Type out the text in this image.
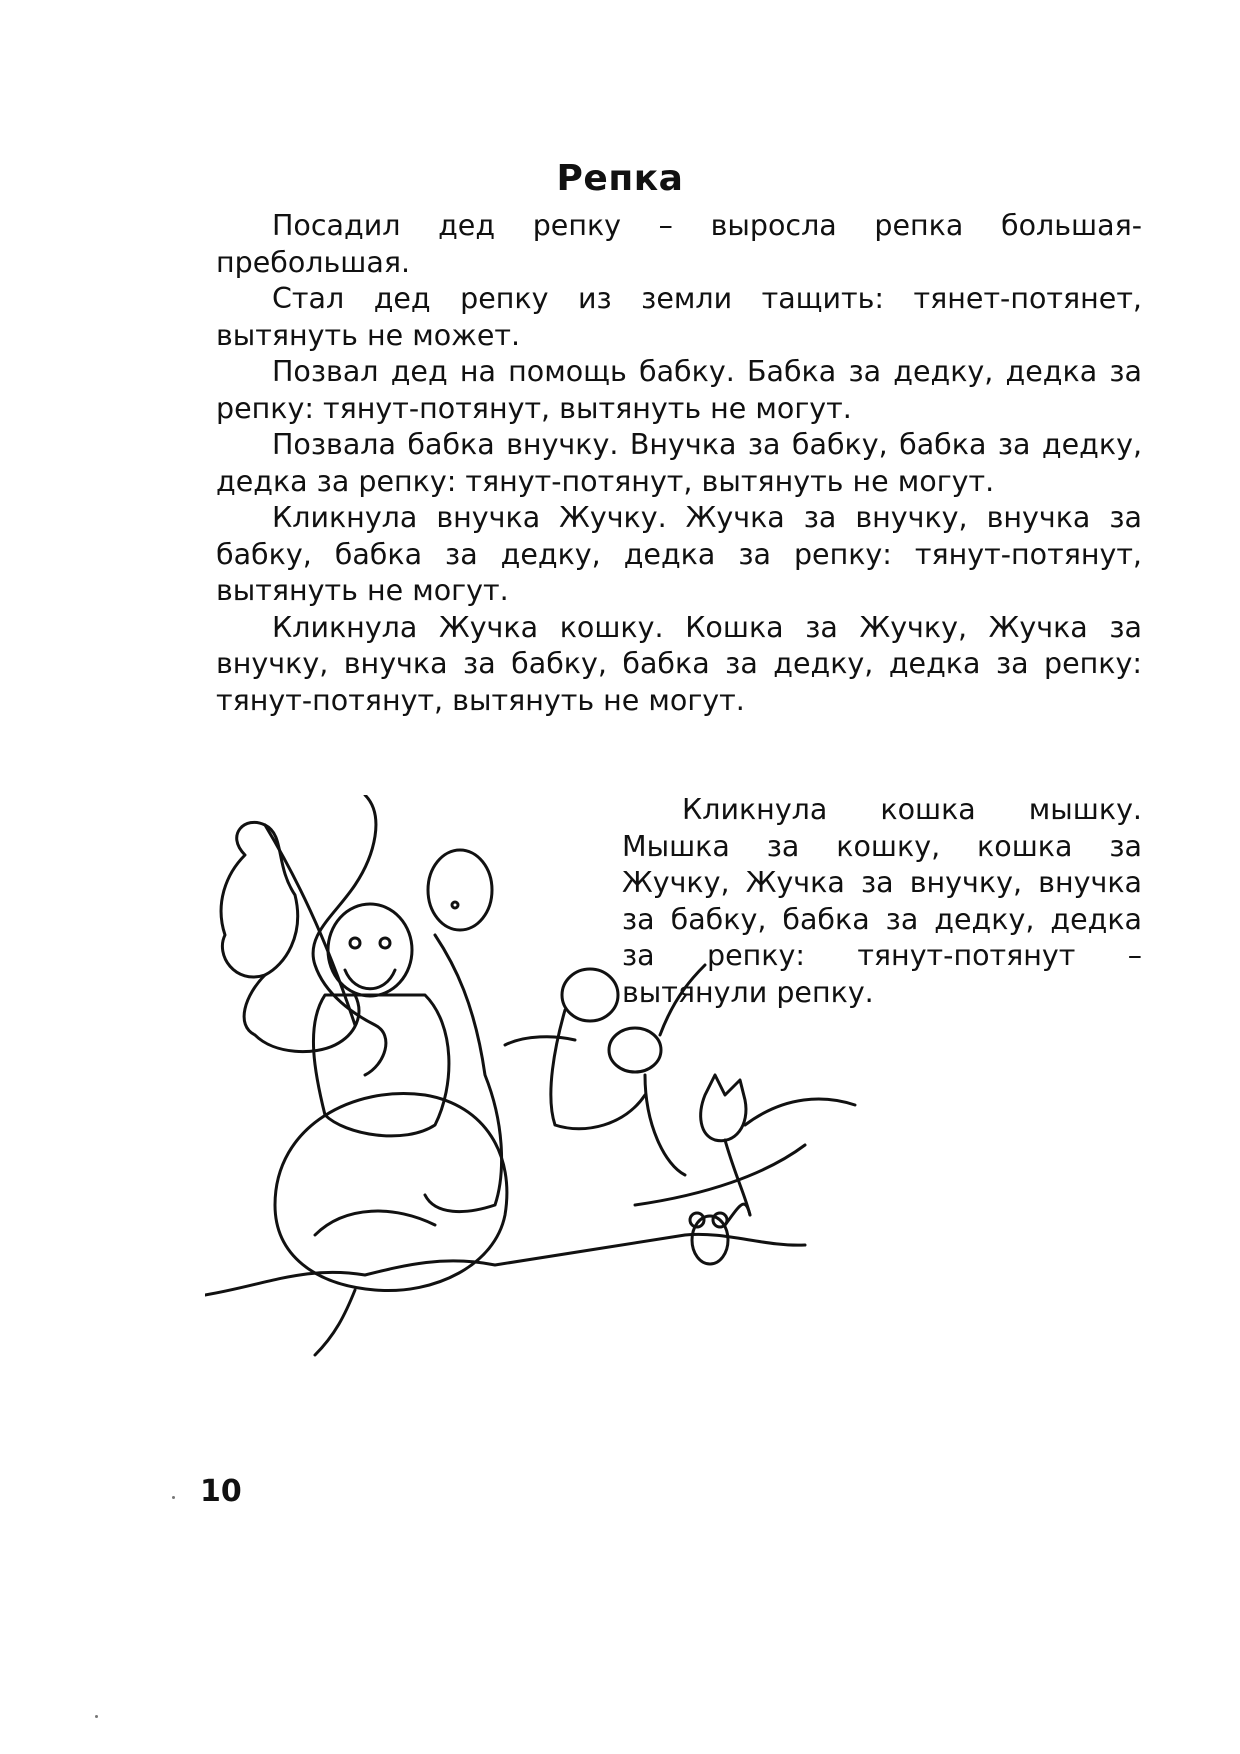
Репка

Посадил дед репку – выросла репка большая-пребольшая.

Стал дед репку из земли тащить: тянет-потянет, вытянуть не может.

Позвал дед на помощь бабку. Бабка за дедку, дедка за репку: тянут-потянут, вытянуть не могут.

Позвала бабка внучку. Внучка за бабку, бабка за дедку, дедка за репку: тянут-потянут, вытянуть не могут.

Кликнула внучка Жучку. Жучка за внучку, внучка за бабку, бабка за дедку, дедка за репку: тянут-потянут, вытянуть не могут.

Кликнула Жучка кошку. Кошка за Жучку, Жучка за внучку, внучка за бабку, бабка за дедку, дедка за репку: тянут-потянут, вытянуть не могут.

Кликнула кошка мышку. Мышка за кошку, кошка за Жучку, Жучка за внучку, внучка за бабку, бабка за дедку, дедка за репку: тянут-потянут – вытянули репку.

10
